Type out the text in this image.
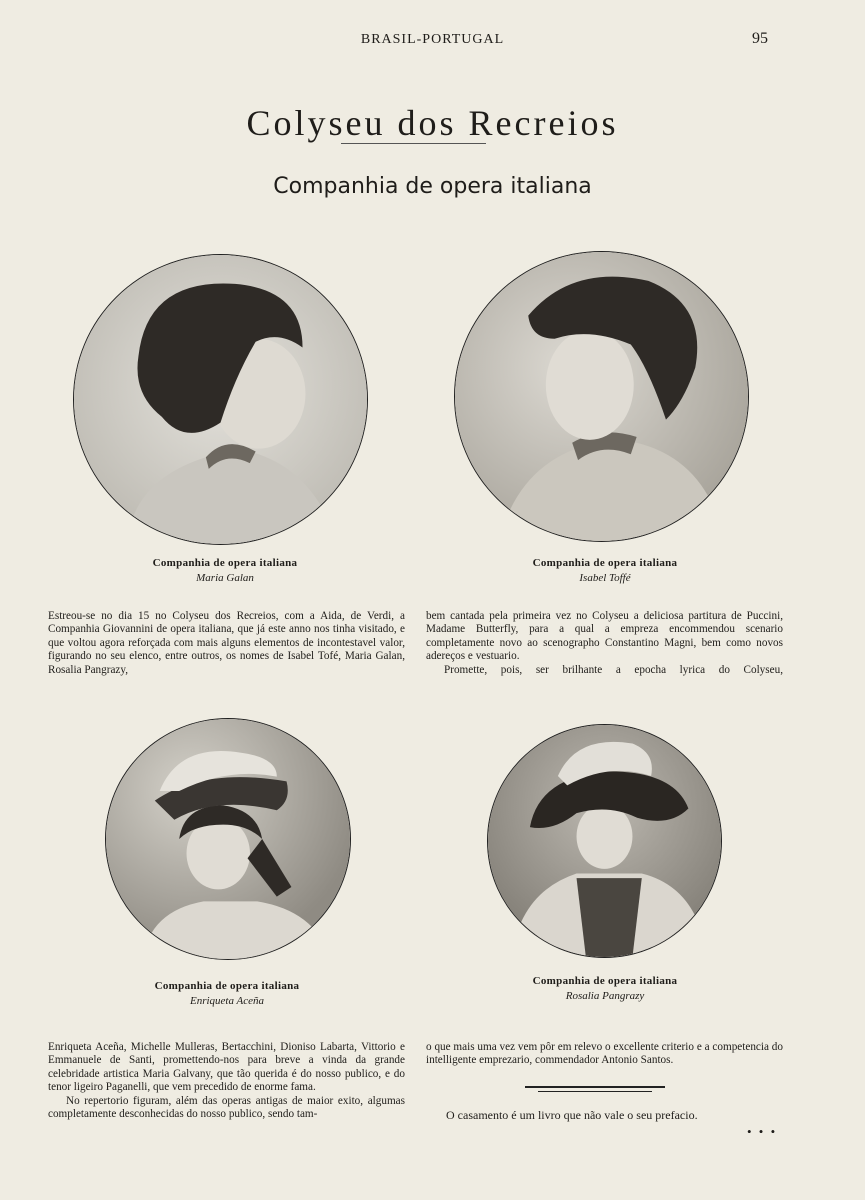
BRASIL-PORTUGAL	95
Colyseu dos Recreios
Companhia de opera italiana
Companhia de opera italiana
Maria Galan
Companhia de opera italiana
Isabel Toffé

Estreou-se no dia 15 no Colyseu dos Recreios, com a Aida, de Verdi, a Companhia Giovannini de opera italiana, que já este anno nos tinha visitado, e que voltou agora reforçada com mais alguns elementos de incontestavel valor, figurando no seu elenco, entre outros, os nomes de Isabel Tofé, Maria Galan, Rosalia Pangrazy,

bem cantada pela primeira vez no Colyseu a deliciosa partitura de Puccini, Madame Butterfly, para a qual a empreza encommendou scenario completamente novo ao scenographo Constantino Magni, bem como novos adereços e vestuario.

Promette, pois, ser brilhante a epocha lyrica do Colyseu,

Companhia de opera italiana
Enriqueta Aceña
Companhia de opera italiana
Rosalia Pangrazy

Enriqueta Aceña, Michelle Mulleras, Bertacchini, Dioniso Labarta, Vittorio e Emmanuele de Santi, promettendo-nos para breve a vinda da grande celebridade artistica Maria Galvany, que tão querida é do nosso publico, e do tenor ligeiro Paganelli, que vem precedido de enorme fama.

No repertorio figuram, além das operas antigas de maior exito, algumas completamente desconhecidas do nosso publico, sendo tam-

o que mais uma vez vem pôr em relevo o excellente criterio e a competencia do intelligente emprezario, commendador Antonio Santos.

O casamento é um livro que não vale o seu prefacio.
• • •
